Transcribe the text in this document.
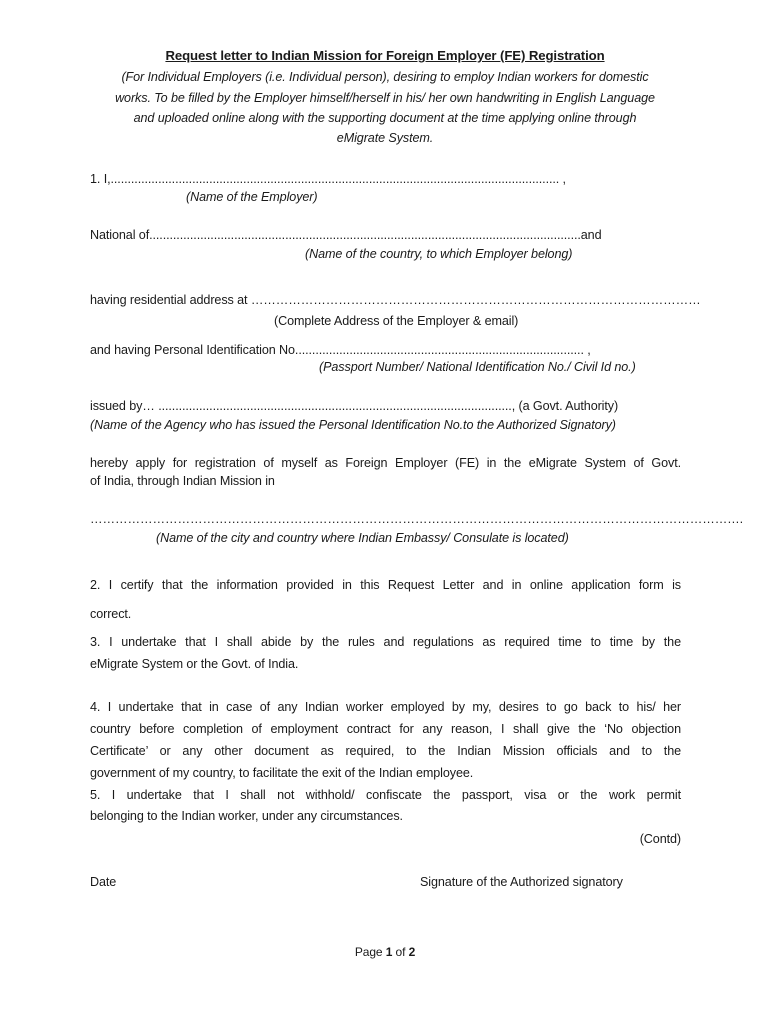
Request letter to Indian Mission for Foreign Employer (FE) Registration
(For Individual Employers (i.e. Individual person), desiring to employ Indian workers for domestic
works. To be filled by the Employer himself/herself in his/ her own handwriting in English Language
and uploaded online along with the supporting document at the time applying online through
eMigrate System.
1. I,.................................................................................................................................... ,
(Name of the Employer)
National of...............................................................................................................................and
(Name of the country, to which Employer belong)
having residential address at ………………………………………………………………………………………………
(Complete Address of the Employer & email)
and having Personal Identification No..................................................................................... ,
(Passport Number/ National Identification No./ Civil Id no.)
issued by… ........................................................................................................, (a Govt. Authority)
(Name of the Agency who has issued the Personal Identification No.to the Authorized Signatory)
hereby apply for registration of myself as Foreign Employer (FE) in the eMigrate System of Govt.
of India, through Indian Mission in
………………………………………………………………………………………………………………………………………….
(Name of the city and country where Indian Embassy/ Consulate is located)
2. I certify that the information provided in this Request Letter and in online application form is
correct.
3. I undertake that I shall abide by the rules and regulations as required time to time by the
eMigrate System or the Govt. of India.
4. I undertake that in case of any Indian worker employed by my, desires to go back to his/ her
country before completion of employment contract for any reason, I shall give the ‘No objection
Certificate’ or any other document as required, to the Indian Mission officials and to the
government of my country, to facilitate the exit of the Indian employee.
5. I undertake that I shall not withhold/ confiscate the passport, visa or the work permit
belonging to the Indian worker, under any circumstances.
(Contd)
Date	Signature of the Authorized signatory
Page 1 of 2
